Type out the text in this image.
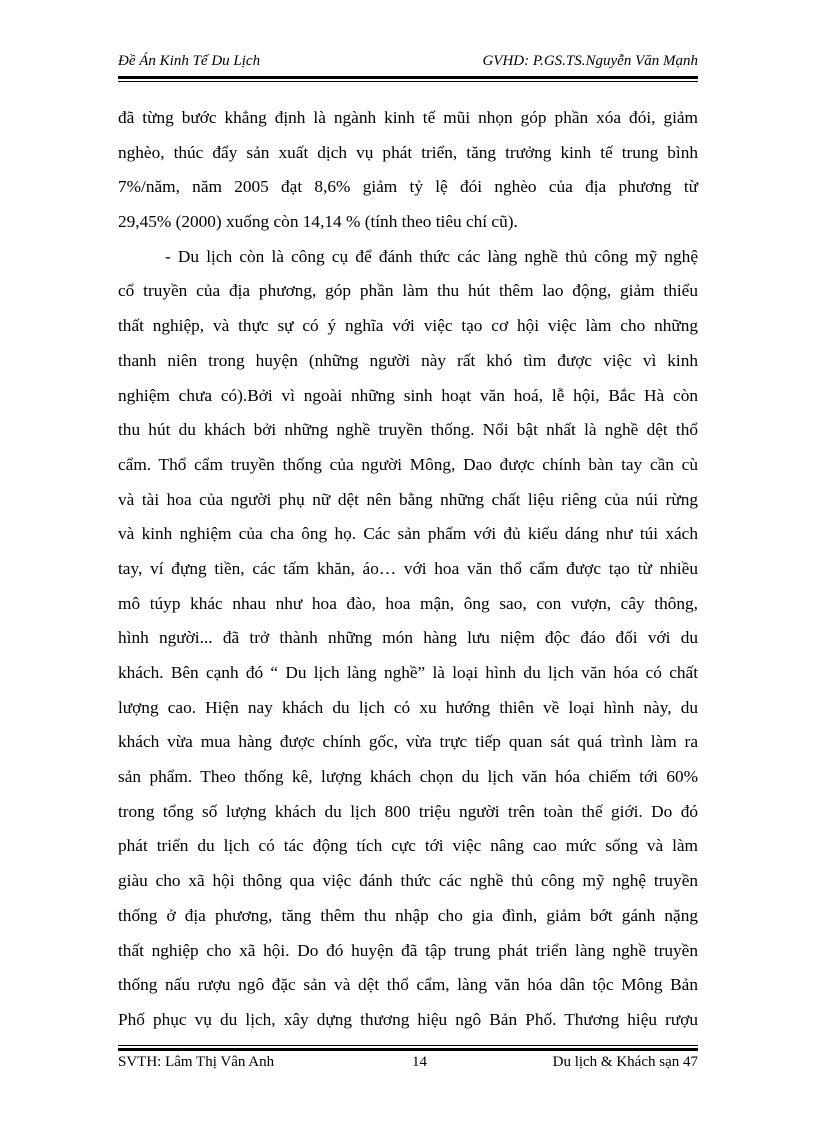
Đề Án Kinh Tế Du Lịch	GVHD: P.GS.TS.Nguyễn Văn Mạnh
đã từng bước khẳng định là ngành kinh tế mũi nhọn góp phần xóa đói, giảm
nghèo, thúc đẩy sản xuất dịch vụ phát triển, tăng trưởng kinh tế trung bình
7%/năm, năm 2005 đạt 8,6% giảm tỷ lệ đói nghèo của địa phương từ
29,45% (2000) xuống còn 14,14 % (tính theo tiêu chí cũ).
- Du lịch còn là công cụ để đánh thức các làng nghề thủ công mỹ nghệ
cổ truyền của địa phương, góp phần làm thu hút thêm lao động, giảm thiểu
thất nghiệp, và thực sự có ý nghĩa với việc tạo cơ hội việc làm cho những
thanh niên trong huyện (những người này rất khó tìm được việc vì kinh
nghiệm chưa có).Bởi vì ngoài những sinh hoạt văn hoá, lễ hội, Bắc Hà còn
thu hút du khách bởi những nghề truyền thống. Nổi bật nhất là nghề dệt thổ
cẩm. Thổ cẩm truyền thống của người Mông, Dao được chính bàn tay cần cù
và tài hoa của người phụ nữ dệt nên bằng những chất liệu riêng của núi rừng
và kinh nghiệm của cha ông họ. Các sản phẩm với đủ kiểu dáng như túi xách
tay, ví đựng tiền, các tấm khăn, áo… với hoa văn thổ cẩm được tạo từ nhiều
mô túyp khác nhau như hoa đào, hoa mận, ông sao, con vượn, cây thông,
hình người... đã trở thành những món hàng lưu niệm độc đáo đối với du
khách. Bên cạnh đó “ Du lịch làng nghề” là loại hình du lịch văn hóa có chất
lượng cao. Hiện nay khách du lịch có xu hướng thiên về loại hình này, du
khách vừa mua hàng được chính gốc, vừa trực tiếp quan sát quá trình làm ra
sản phẩm. Theo thống kê, lượng khách chọn du lịch văn hóa chiếm tới 60%
trong tổng số lượng khách du lịch 800 triệu người trên toàn thế giới. Do đó
phát triển du lịch có tác động tích cực tới việc nâng cao mức sống và làm
giàu cho xã hội thông qua việc đánh thức các nghề thủ công mỹ nghệ truyền
thống ở địa phương, tăng thêm thu nhập cho gia đình, giảm bớt gánh nặng
thất nghiệp cho xã hội. Do đó huyện đã tập trung phát triển làng nghề truyền
thống nấu rượu ngô đặc sản và dệt thổ cẩm, làng văn hóa dân tộc Mông Bản
Phố phục vụ du lịch, xây dựng thương hiệu ngô Bản Phố. Thương hiệu rượu
SVTH: Lâm Thị Vân Anh	14	Du lịch & Khách sạn 47
